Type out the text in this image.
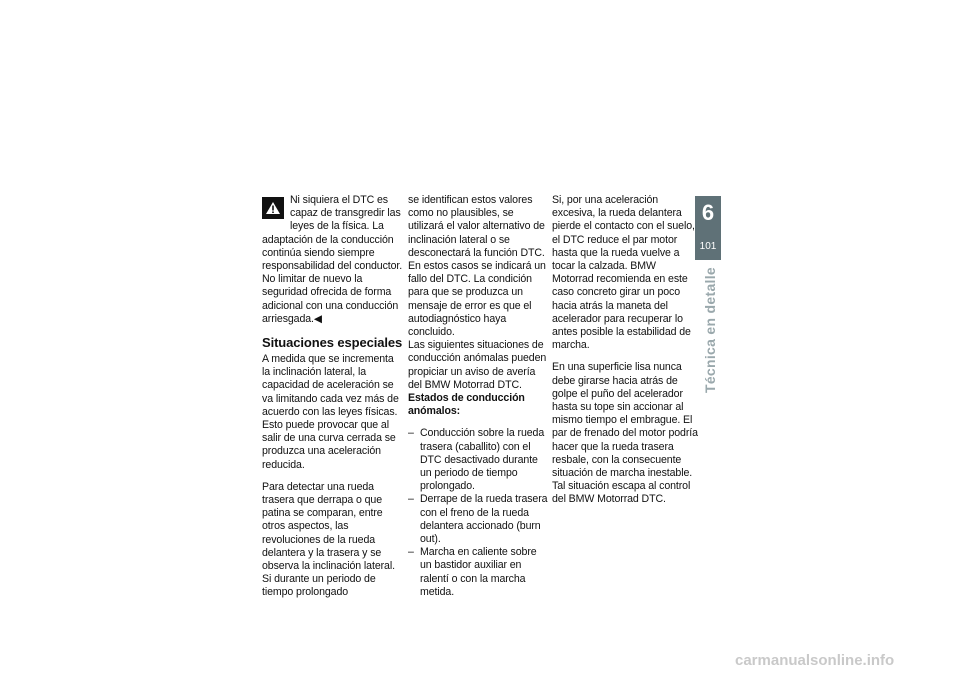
Ni siquiera el DTC es capaz de transgredir las leyes de la física. La adaptación de la conducción continúa siendo siempre responsabilidad del conductor.

No limitar de nuevo la seguridad ofrecida de forma adicional con una conducción arriesgada.◀

Situaciones especiales

A medida que se incrementa la inclinación lateral, la capacidad de aceleración se va limitando cada vez más de acuerdo con las leyes físicas. Esto puede provocar que al salir de una curva cerrada se produzca una aceleración reducida.

Para detectar una rueda trasera que derrapa o que patina se comparan, entre otros aspectos, las revoluciones de la rueda delantera y la trasera y se observa la inclinación lateral. Si durante un periodo de tiempo prolongado

se identifican estos valores como no plausibles, se utilizará el valor alternativo de inclinación lateral o se desconectará la función DTC. En estos casos se indicará un fallo del DTC. La condición para que se produzca un mensaje de error es que el autodiagnóstico haya concluido.

Las siguientes situaciones de conducción anómalas pueden propiciar un aviso de avería del BMW Motorrad DTC.

Estados de conducción anómalos:

– Conducción sobre la rueda trasera (caballito) con el DTC desactivado durante un periodo de tiempo prolongado.
– Derrape de la rueda trasera con el freno de la rueda delantera accionado (burn out).
– Marcha en caliente sobre un bastidor auxiliar en ralentí o con la marcha metida.

Si, por una aceleración excesiva, la rueda delantera pierde el contacto con el suelo, el DTC reduce el par motor hasta que la rueda vuelve a tocar la calzada. BMW Motorrad recomienda en este caso concreto girar un poco hacia atrás la maneta del acelerador para recuperar lo antes posible la estabilidad de marcha.

En una superficie lisa nunca debe girarse hacia atrás de golpe el puño del acelerador hasta su tope sin accionar al mismo tiempo el embrague. El par de frenado del motor podría hacer que la rueda trasera resbale, con la consecuente situación de marcha inestable. Tal situación escapa al control del BMW Motorrad DTC.

6
101
Técnica en detalle
carmanualsonline.info
